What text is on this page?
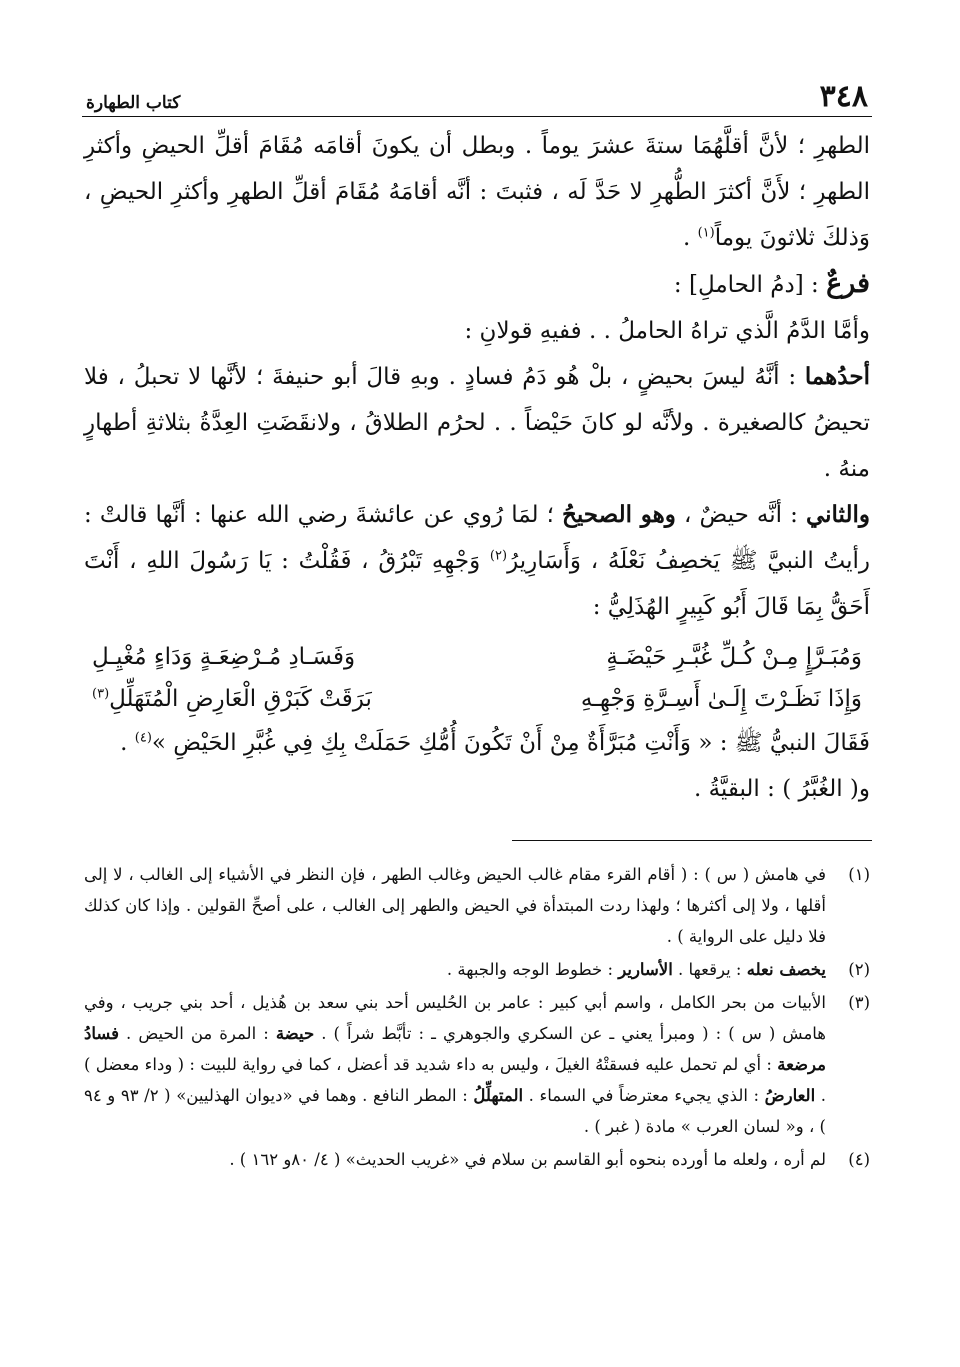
٣٤٨
كتاب الطهارة

الطهرِ ؛ لأنَّ أقلَّهُمَا ستةَ عشرَ يوماً . وبطل أن يكونَ أقامَه مُقَامَ أقلِّ الحيضِ وأكثرِ الطهرِ ؛ لأَنَّ أكثرَ الطُّهرِ لا حَدَّ لَه ، فثبتَ : أنَّه أقامَهُ مُقَامَ أقلِّ الطهرِ وأكثرِ الحيضِ ، وَذلكَ ثلاثونَ يوماً$^{(١)}$ .

فرعٌ : [دمُ الحاملِ] :

وأمَّا الدَّمُ الَّذي تراهُ الحاملُ . . ففيهِ قولانِ :

أحدُهما : أنَّهُ ليسَ بحيضٍ ، بلْ هُو دَمُ فسادٍ . وبهِ قالَ أبو حنيفةَ ؛ لأنَّها لا تحبلُ ، فلا تحيضُ كالصغيرة . ولأنَّه لو كانَ حَيْضاً . . لحرُم الطلاقُ ، ولانقَضَتِ العِدَّةُ بثلاثةِ أطهارٍ منهُ .

والثاني : أنَّه حيضٌ ، وهو الصحيحُ ؛ لمَا رُوي عن عائشةَ رضي الله عنها : أنَّها قالتْ : رأيتُ النبيَّ ﷺ يَخصِفُ نَعْلَهُ ، وَأَسَارِيرُ$^{(٢)}$ وَجْهِهِ تَبْرُقُ ، فَقُلْتُ : يَا رَسُولَ اللهِ ، أَنْتَ أَحَقُّ بِمَا قَالَ أَبُو كَبِيرٍ الهُذَلِيُّ :

وَمُبَـرَّإٍ مِـنْ كُـلِّ غُبَّـرِ حَيْضَـةٍ
وَفَسَـادِ مُـرْضِعَـةٍ وَدَاءٍ مُغْيِـلِ
وَإِذَا نَظَـرْتَ إِلَـىٰ أَسِـرَّةِ وَجْهِـهِ
بَرَقَتْ كَبَرْقِ الْعَارِضِ الْمُتَهَلِّلِ$^{(٣)}$

فَقَالَ النبيُّ ﷺ : « وَأَنْتِ مُبَرَّأَةٌ مِنْ أَنْ تَكُونَ أُمُّكِ حَمَلَتْ بِكِ فِي غُبَّرِ الحَيْضِ »$^{(٤)}$ .

و( الغُبَّرُ ) : البقيَّةُ .

(١)
في هامش ( س ) : ( أقام القرء مقام غالب الحيض وغالب الطهر ، فإن النظر في الأشياء إلى الغالب ، لا إلى أقلها ، ولا إلى أكثرها ؛ ولهذا ردت المبتدأة في الحيض والطهر إلى الغالب ، على أصحِّ القولين . وإذا كان كذلك فلا دليل على الرواية ) .
(٢)
يخصف نعله : يرقعها . الأسارير : خطوط الوجه والجبهة .
(٣)
الأبيات من بحر الكامل ، واسم أبي كبير : عامر بن الحُليس أحد بني سعد بن هُذيل ، أحد بني جريب ، وفي هامش ( س ) : ( ومبرأ يعني ـ عن السكري والجوهري ـ : تأبَّط شراً ) . حيضة : المرة من الحيض . فسادُ مرضعة : أي لم تحمل عليه فسقتْهُ الغيلَ ، وليس به داء شديد قد أعضل ، كما في رواية للبيت : ( وداء معضل ) . العارضُ : الذي يجيء معترضاً في السماء . المتهلِّلُ : المطر النافع . وهما في «ديوان الهذليين» ( ٢/ ٩٣ و ٩٤ ) ، و« لسان العرب » مادة ( غبر ) .
(٤)
لم أره ، ولعله ما أورده بنحوه أبو القاسم بن سلام في «غريب الحديث» ( ٤/ ٨٠و ١٦٢ ) .
